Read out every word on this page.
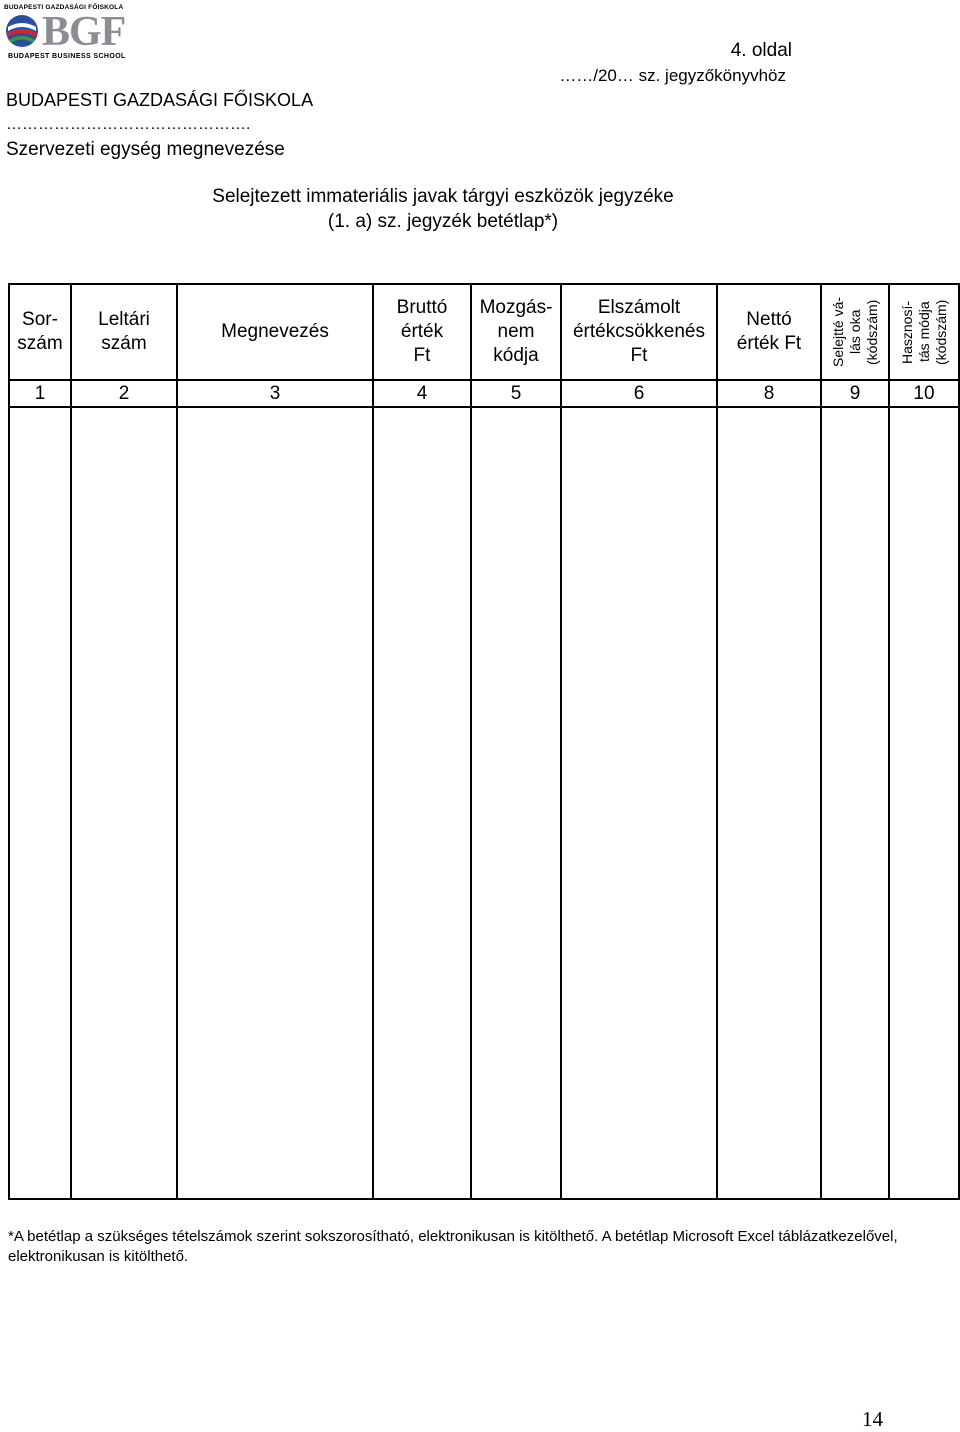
BUDAPESTI GAZDASÁGI FŐISKOLA
BGF
BUDAPEST BUSINESS SCHOOL
BUDAPESTI GAZDASÁGI FŐISKOLA
……………………………………….
Szervezeti egység megnevezése
4. oldal
……/20… sz. jegyzőkönyvhöz
Selejtezett immateriális javak tárgyi eszközök jegyzéke
(1. a) sz. jegyzék betétlap*)
Sor-
szám	Leltári
szám	Megnevezés	Bruttó
érték
Ft	Mozgás-
nem
kódja	Elszámolt
értékcsökkenés
Ft	Nettó
érték Ft	Selejtté vá-
lás oka
(kódszám)	Hasznosí-
tás módja
(kódszám)

1	2	3	4	5	6	8	9	10

*A betétlap a szükséges tételszámok szerint sokszorosítható, elektronikusan is kitölthető. A betétlap Microsoft Excel táblázatkezelővel, elektronikusan is kitölthető.
14
